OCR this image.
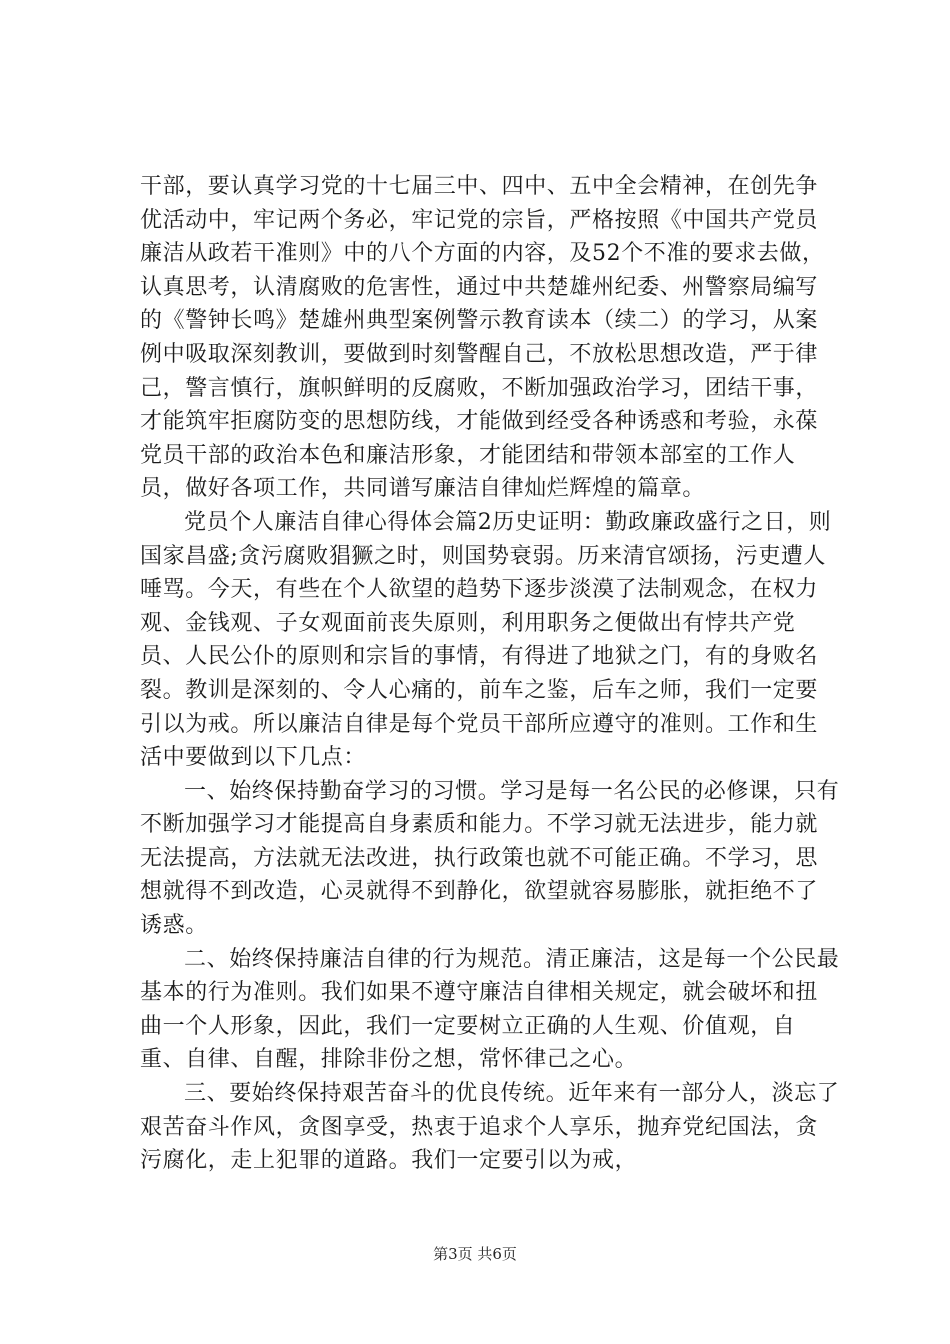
干部，要认真学习党的十七届三中、四中、五中全会精神，在创先争优活动中，牢记两个务必，牢记党的宗旨，严格按照《中国共产党员廉洁从政若干准则》中的八个方面的内容，及52个不准的要求去做，认真思考，认清腐败的危害性，通过中共楚雄州纪委、州警察局编写的《警钟长鸣》楚雄州典型案例警示教育读本（续二）的学习，从案例中吸取深刻教训，要做到时刻警醒自己，不放松思想改造，严于律己，警言慎行，旗帜鲜明的反腐败，不断加强政治学习，团结干事，才能筑牢拒腐防变的思想防线，才能做到经受各种诱惑和考验，永葆党员干部的政治本色和廉洁形象，才能团结和带领本部室的工作人员，做好各项工作，共同谱写廉洁自律灿烂辉煌的篇章。

党员个人廉洁自律心得体会篇2历史证明：勤政廉政盛行之日，则国家昌盛;贪污腐败猖獗之时，则国势衰弱。历来清官颂扬，污吏遭人唾骂。今天，有些在个人欲望的趋势下逐步淡漠了法制观念，在权力观、金钱观、子女观面前丧失原则，利用职务之便做出有悖共产党员、人民公仆的原则和宗旨的事情，有得进了地狱之门，有的身败名裂。教训是深刻的、令人心痛的，前车之鉴，后车之师，我们一定要引以为戒。所以廉洁自律是每个党员干部所应遵守的准则。工作和生活中要做到以下几点：

一、始终保持勤奋学习的习惯。学习是每一名公民的必修课，只有不断加强学习才能提高自身素质和能力。不学习就无法进步，能力就无法提高，方法就无法改进，执行政策也就不可能正确。不学习，思想就得不到改造，心灵就得不到静化，欲望就容易膨胀，就拒绝不了诱惑。

二、始终保持廉洁自律的行为规范。清正廉洁，这是每一个公民最基本的行为准则。我们如果不遵守廉洁自律相关规定，就会破坏和扭曲一个人形象，因此，我们一定要树立正确的人生观、价值观，自重、自律、自醒，排除非份之想，常怀律己之心。

三、要始终保持艰苦奋斗的优良传统。近年来有一部分人，淡忘了艰苦奋斗作风，贪图享受，热衷于追求个人享乐，抛弃党纪国法，贪污腐化，走上犯罪的道路。我们一定要引以为戒，

第3页 共6页
